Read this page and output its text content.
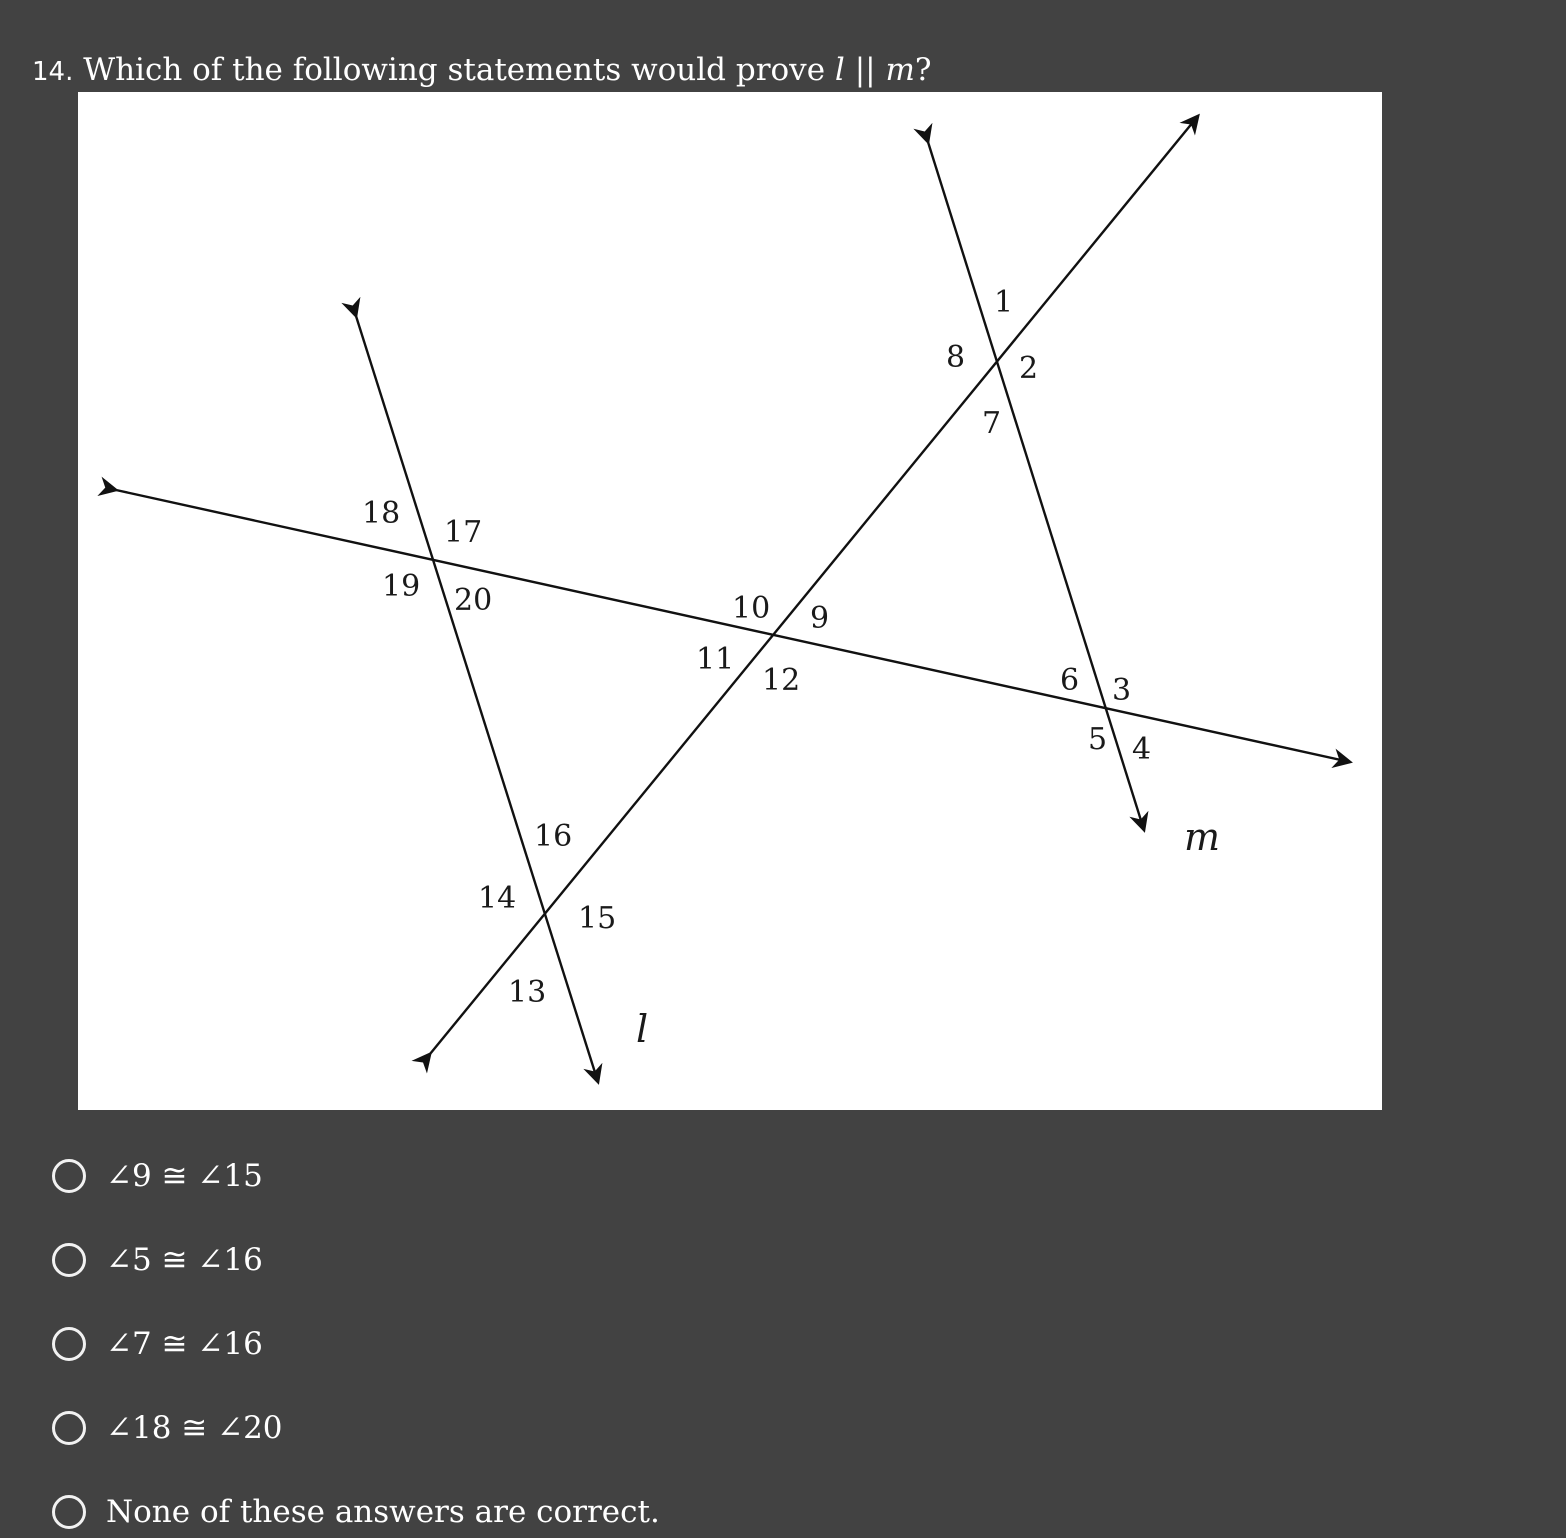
14. Which of the following statements would prove l || m?
1
2
3
4
5
6
7
8
9
10
11
12
13
14
15
16
17
18
19 20
l
m
∠9 ≅ ∠15
∠5 ≅ ∠16
∠7 ≅ ∠16
∠18 ≅ ∠20
None of these answers are correct.
